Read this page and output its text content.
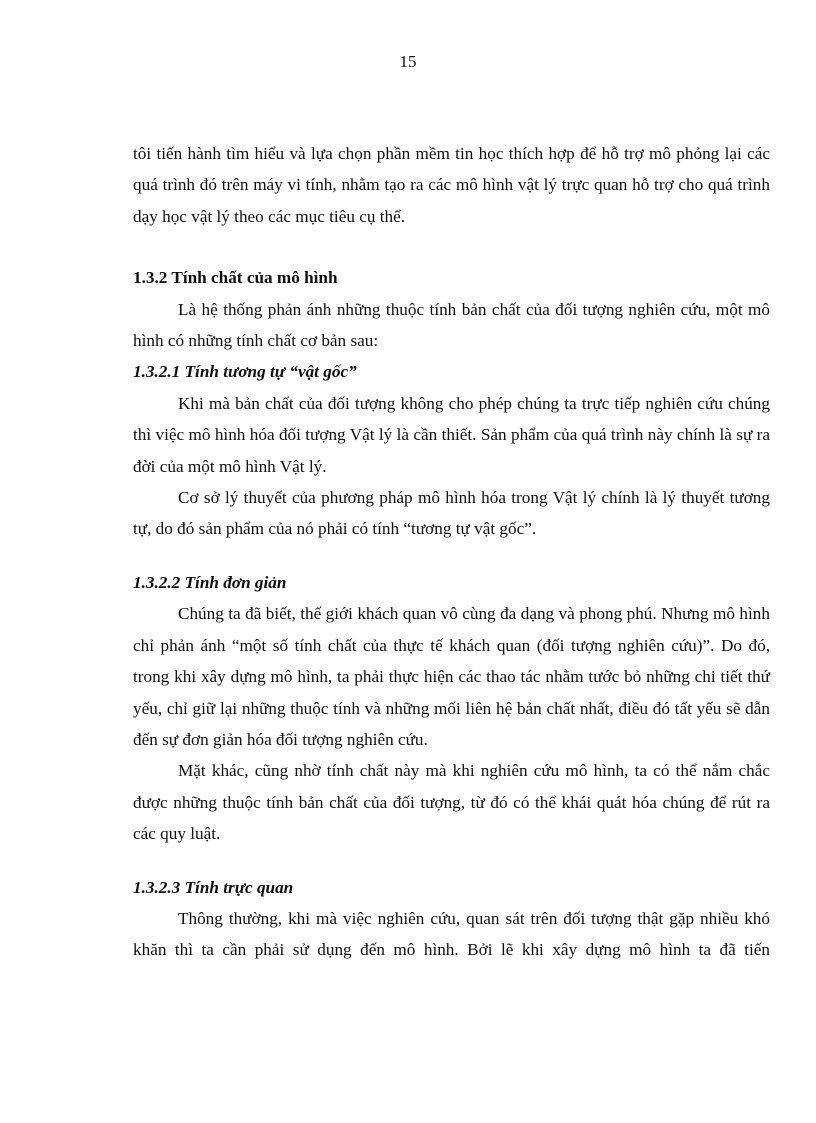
15

tôi tiến hành tìm hiểu và lựa chọn phần mềm tin học thích hợp để hỗ trợ mô phỏng lại các quá trình đó trên máy vi tính, nhằm tạo ra các mô hình vật lý trực quan hỗ trợ cho quá trình dạy học vật lý theo các mục tiêu cụ thể.

1.3.2 Tính chất của mô hình

Là hệ thống phản ánh những thuộc tính bản chất của đối tượng nghiên cứu, một mô hình có những tính chất cơ bản sau:

1.3.2.1 Tính tương tự “vật gốc”

Khi mà bản chất của đối tượng không cho phép chúng ta trực tiếp nghiên cứu chúng thì việc mô hình hóa đối tượng Vật lý là cần thiết. Sản phẩm của quá trình này chính là sự ra đời của một mô hình Vật lý.

Cơ sở lý thuyết của phương pháp mô hình hóa trong Vật lý chính là lý thuyết tương tự, do đó sản phẩm của nó phải có tính “tương tự vật gốc”.

1.3.2.2 Tính đơn giản

Chúng ta đã biết, thế giới khách quan vô cùng đa dạng và phong phú. Nhưng mô hình chỉ phản ánh “một số tính chất của thực tế khách quan (đối tượng nghiên cứu)”. Do đó, trong khi xây dựng mô hình, ta phải thực hiện các thao tác nhằm tước bỏ những chi tiết thứ yếu, chỉ giữ lại những thuộc tính và những mối liên hệ bản chất nhất, điều đó tất yếu sẽ dẫn đến sự đơn giản hóa đối tượng nghiên cứu.

Mặt khác, cũng nhờ tính chất này mà khi nghiên cứu mô hình, ta có thể nắm chắc được những thuộc tính bản chất của đối tượng, từ đó có thể khái quát hóa chúng để rút ra các quy luật.

1.3.2.3 Tính trực quan

Thông thường, khi mà việc nghiên cứu, quan sát trên đối tượng thật gặp nhiều khó khăn thì ta cần phải sử dụng đến mô hình. Bởi lẽ khi xây dựng mô hình ta đã tiến
